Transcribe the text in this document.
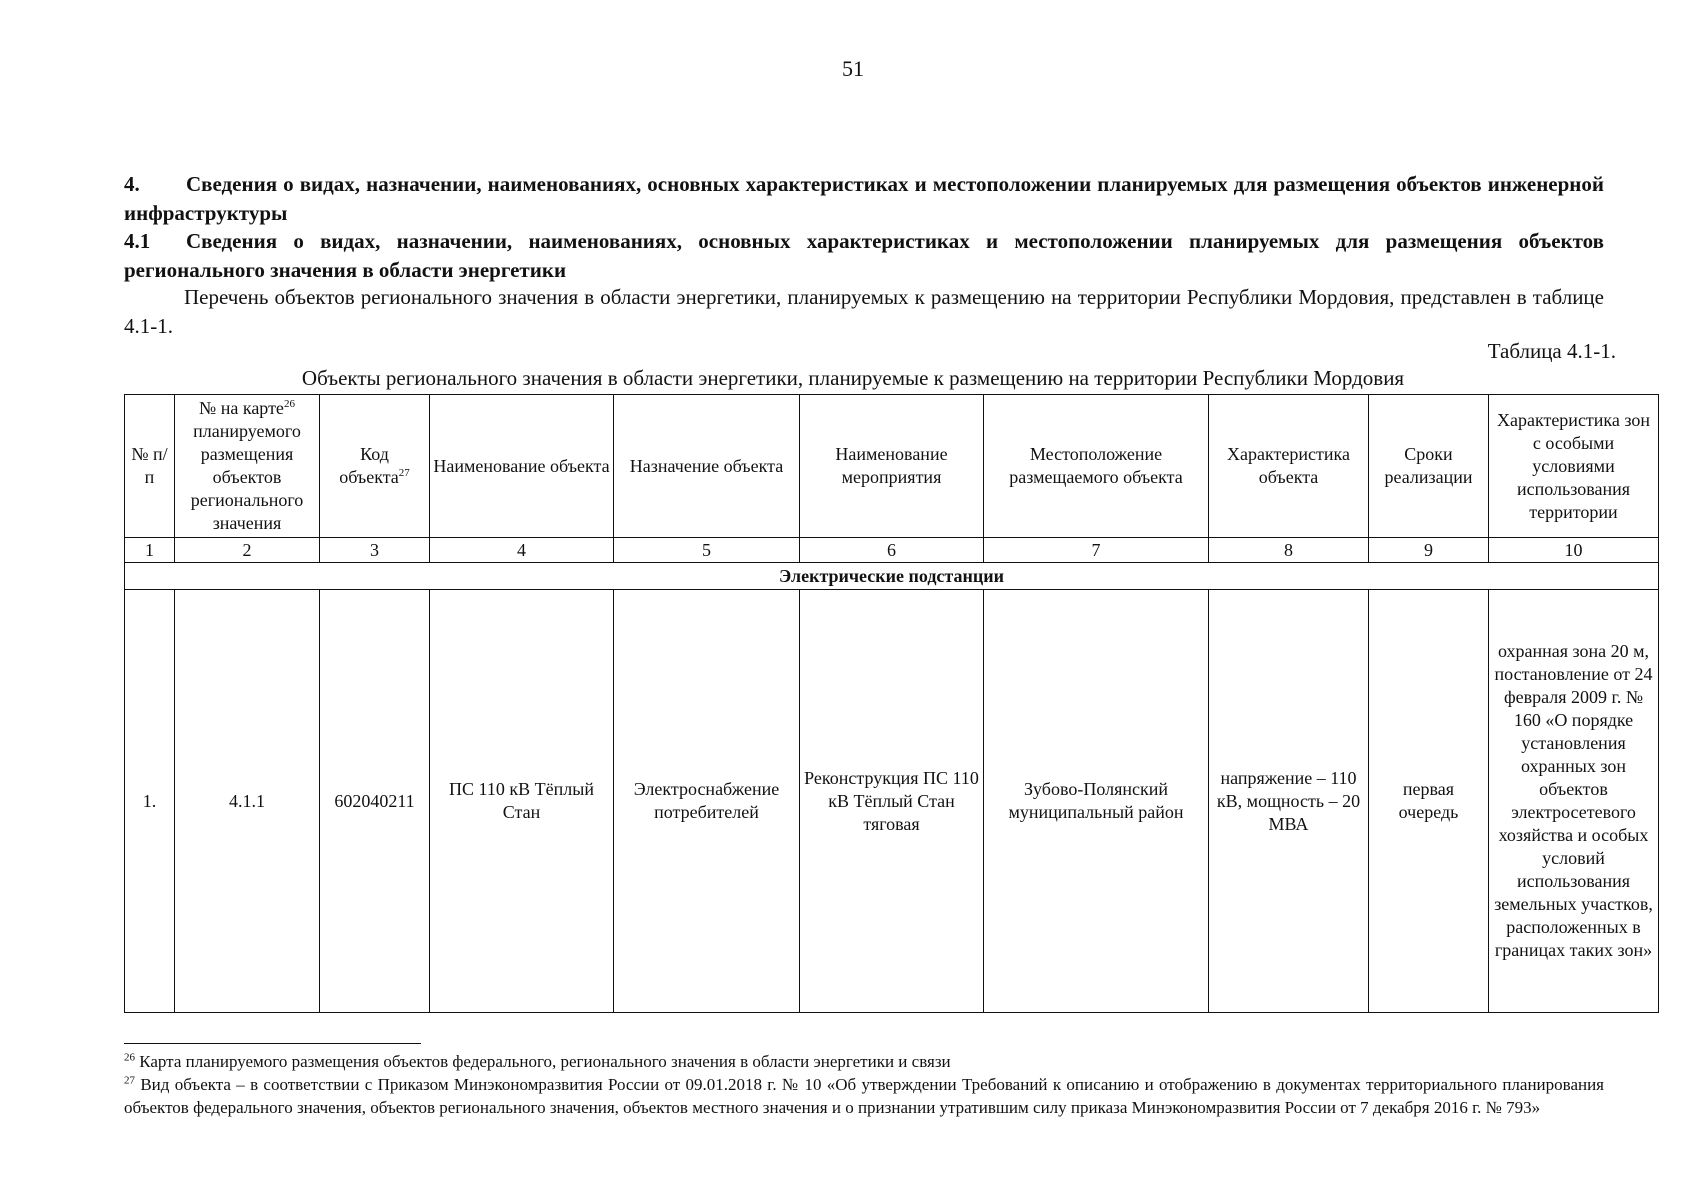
51
4. Сведения о видах, назначении, наименованиях, основных характеристиках и местоположении планируемых для размещения объектов инженерной инфраструктуры
4.1 Сведения о видах, назначении, наименованиях, основных характеристиках и местоположении планируемых для размещения объектов регионального значения в области энергетики
Перечень объектов регионального значения в области энергетики, планируемых к размещению на территории Республики Мордовия, представлен в таблице 4.1-1.
Таблица 4.1-1.
Объекты регионального значения в области энергетики, планируемые к размещению на территории Республики Мордовия
№ п/п	№ на карте$^{26}$ планируемого размещения объектов регионального значения	Код объекта$^{27}$	Наименование объекта	Назначение объекта	Наименование мероприятия	Местоположение размещаемого объекта	Характеристика объекта	Сроки реализации	Характеристика зон с особыми условиями использования территории
1	2	3	4	5	6	7	8	9	10
Электрические подстанции									
1.	4.1.1	602040211	ПС 110 кВ Тёплый Стан	Электроснабжение потребителей	Реконструкция ПС 110 кВ Тёплый Стан тяговая	Зубово-Полянский муниципальный район	напряжение – 110 кВ, мощность – 20 МВА	первая очередь	охранная зона 20 м, постановление от 24 февраля 2009 г. № 160 «О порядке установления охранных зон объектов электросетевого хозяйства и особых условий использования земельных участков, расположенных в границах таких зон»

$^{26}$ Карта планируемого размещения объектов федерального, регионального значения в области энергетики и связи

$^{27}$ Вид объекта – в соответствии с Приказом Минэкономразвития России от 09.01.2018 г. № 10 «Об утверждении Требований к описанию и отображению в документах территориального планирования объектов федерального значения, объектов регионального значения, объектов местного значения и о признании утратившим силу приказа Минэкономразвития России от 7 декабря 2016 г. № 793»
